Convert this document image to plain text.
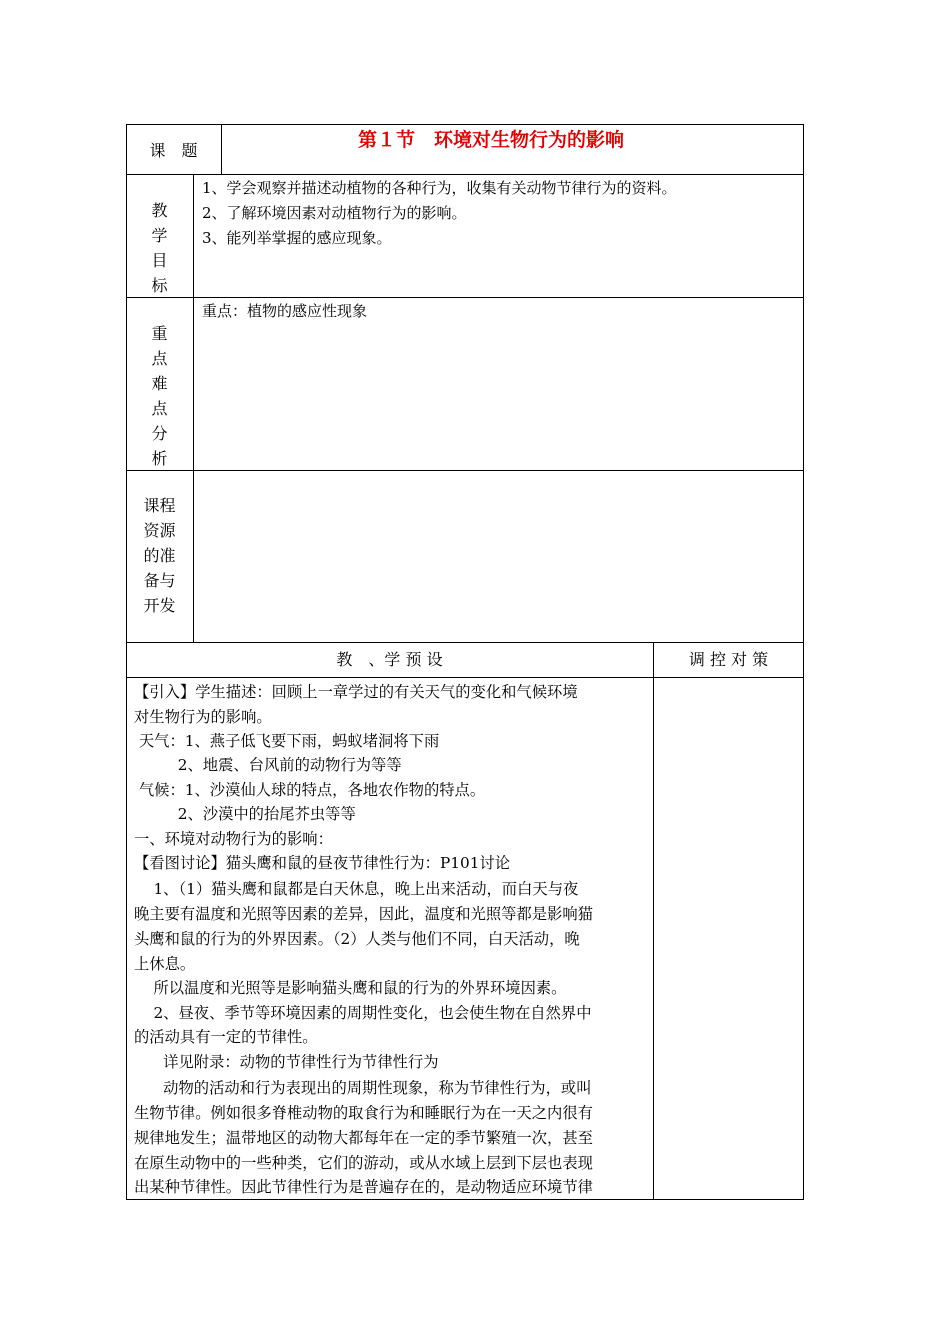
课　题	第１节　环境对生物行为的影响
教
学
目
标
1、学会观察并描述动植物的各种行为，收集有关动物节律行为的资料。
2、了解环境因素对动植物行为的影响。
3、能列举掌握的感应现象。
重
点
难
点
分
析
重点：植物的感应性现象
课程
资源
的准
备与
开发
教　、学 预 设	调 控 对 策
【引入】学生描述：回顾上一章学过的有关天气的变化和气候环境
对生物行为的影响。
天气：1、燕子低飞要下雨，蚂蚁堵洞将下雨
2、地震、台风前的动物行为等等
气候：1、沙漠仙人球的特点，各地农作物的特点。
2、沙漠中的抬尾芥虫等等
一、环境对动物行为的影响：
【看图讨论】猫头鹰和鼠的昼夜节律性行为：P101讨论
1、（1）猫头鹰和鼠都是白天休息，晚上出来活动，而白天与夜
晚主要有温度和光照等因素的差异，因此，温度和光照等都是影响猫
头鹰和鼠的行为的外界因素。（2）人类与他们不同，白天活动，晚
上休息。
所以温度和光照等是影响猫头鹰和鼠的行为的外界环境因素。
2、昼夜、季节等环境因素的周期性变化，也会使生物在自然界中
的活动具有一定的节律性。
详见附录：动物的节律性行为节律性行为
动物的活动和行为表现出的周期性现象，称为节律性行为，或叫
生物节律。例如很多脊椎动物的取食行为和睡眠行为在一天之内很有
规律地发生；温带地区的动物大都每年在一定的季节繁殖一次，甚至
在原生动物中的一些种类，它们的游动，或从水域上层到下层也表现
出某种节律性。因此节律性行为是普遍存在的，是动物适应环境节律
